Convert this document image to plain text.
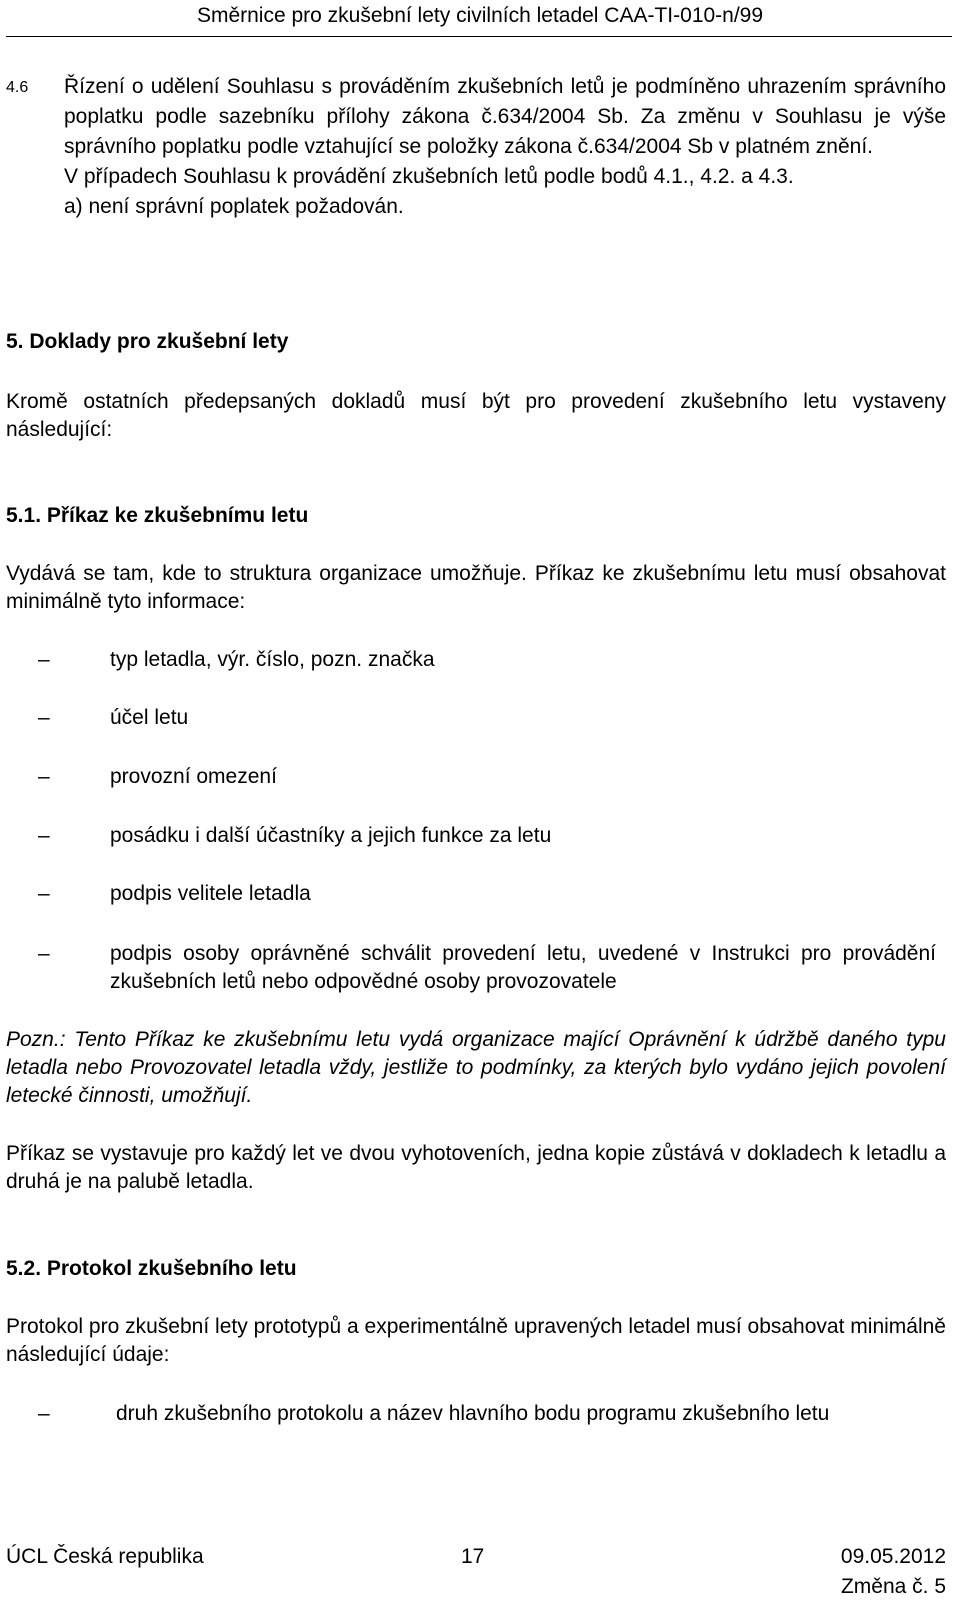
Směrnice pro zkušební lety civilních letadel CAA-TI-010-n/99
4.6 Řízení o udělení Souhlasu s prováděním zkušebních letů je podmíněno uhrazením správního poplatku podle sazebníku přílohy zákona č.634/2004 Sb. Za změnu v Souhlasu je výše správního poplatku podle vztahující se položky zákona č.634/2004 Sb v platném znění.
V případech Souhlasu k provádění zkušebních letů podle bodů 4.1., 4.2. a 4.3. a) není správní poplatek požadován.
5. Doklady pro zkušební lety
Kromě ostatních předepsaných dokladů musí být pro provedení zkušebního letu vystaveny následující:
5.1. Příkaz ke zkušebnímu letu
Vydává se tam, kde to struktura organizace umožňuje. Příkaz ke zkušebnímu letu musí obsahovat minimálně tyto informace:
–	typ letadla, výr. číslo, pozn. značka
–	účel letu
–	provozní omezení
–	posádku i další účastníky a jejich funkce za letu
–	podpis velitele letadla
–	podpis osoby oprávněné schválit provedení letu, uvedené v Instrukci pro provádění zkušebních letů nebo odpovědné osoby provozovatele
Pozn.: Tento Příkaz ke zkušebnímu letu vydá organizace mající Oprávnění k údržbě daného typu letadla nebo Provozovatel letadla vždy, jestliže to podmínky, za kterých bylo vydáno jejich povolení letecké činnosti, umožňují.
Příkaz se vystavuje pro každý let ve dvou vyhotoveních, jedna kopie zůstává v dokladech k letadlu a druhá je na palubě letadla.
5.2. Protokol zkušebního letu
Protokol pro zkušební lety prototypů a experimentálně upravených letadel musí obsahovat minimálně následující údaje:
–	druh zkušebního protokolu a název hlavního bodu programu zkušebního letu
ÚCL Česká republika	17	09.05.2012
Změna č. 5
